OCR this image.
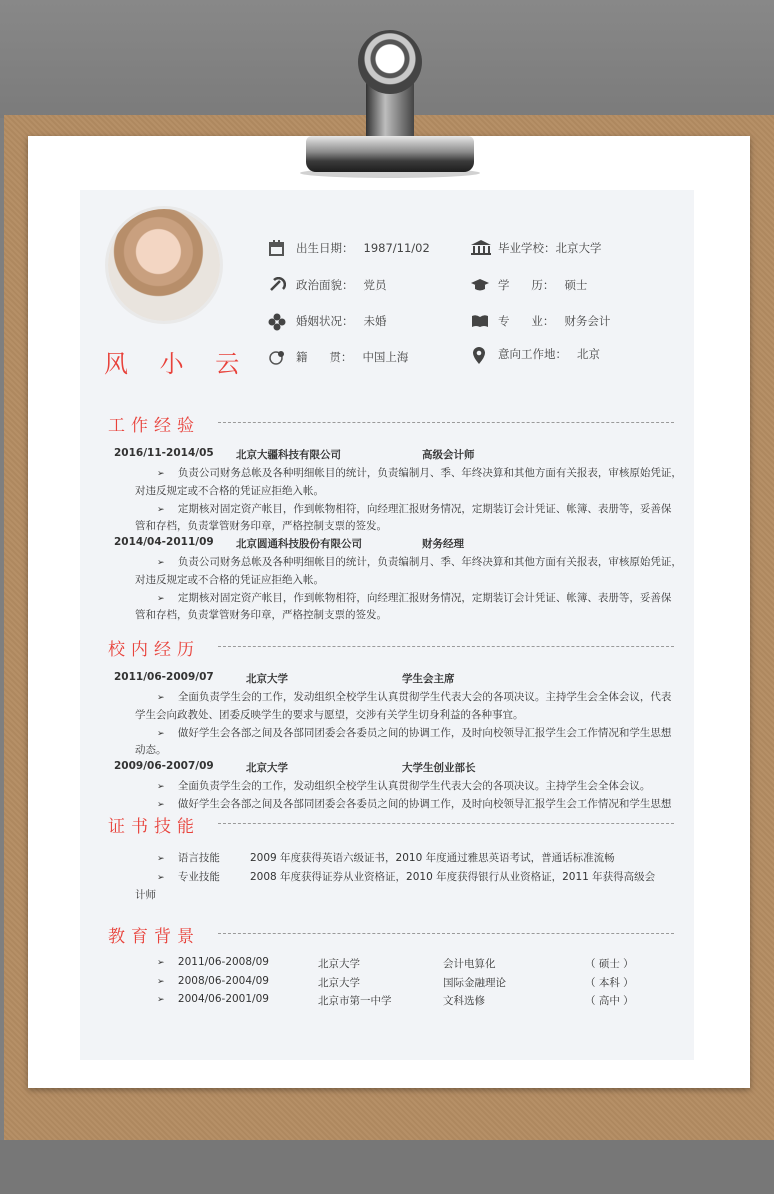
风 小 云
出生日期： 1987/11/02
政治面貌： 党员
婚姻状况： 未婚
籍      贯： 中国上海
毕业学校： 北京大学
学      历： 硕士
专      业： 财务会计
意向工作地： 北京
工作经验
2016/11-2014/05 北京大疆科技有限公司	高级会计师
➢ 负责公司财务总帐及各种明细帐目的统计，负责编制月、季、年终决算和其他方面有关报表，审核原始凭证，
对违反规定或不合格的凭证应拒绝入帐。
➢ 定期核对固定资产帐目，作到帐物相符，向经理汇报财务情况，定期装订会计凭证、帐簿、表册等，妥善保
管和存档，负责掌管财务印章，严格控制支票的签发。
2014/04-2011/09 北京圆通科技股份有限公司	财务经理
➢ 负责公司财务总帐及各种明细帐目的统计，负责编制月、季、年终决算和其他方面有关报表，审核原始凭证，
对违反规定或不合格的凭证应拒绝入帐。
➢ 定期核对固定资产帐目，作到帐物相符，向经理汇报财务情况，定期装订会计凭证、帐簿、表册等，妥善保
管和存档，负责掌管财务印章，严格控制支票的签发。
校内经历
2011/06-2009/07	北京大学	学生会主席
➢ 全面负责学生会的工作，发动组织全校学生认真贯彻学生代表大会的各项决议。主持学生会全体会议，代表
学生会向政教处、团委反映学生的要求与愿望，交涉有关学生切身利益的各种事宜。
➢ 做好学生会各部之间及各部同团委会各委员之间的协调工作，及时向校领导汇报学生会工作情况和学生思想
动态。
2009/06-2007/09	北京大学	大学生创业部长
➢ 全面负责学生会的工作，发动组织全校学生认真贯彻学生代表大会的各项决议。主持学生会全体会议。
➢ 做好学生会各部之间及各部同团委会各委员之间的协调工作，及时向校领导汇报学生会工作情况和学生思想
证书技能
➢ 语言技能	2009 年度获得英语六级证书，2010 年度通过雅思英语考试，普通话标准流畅
➢ 专业技能	2008 年度获得证券从业资格证，2010 年度获得银行从业资格证，2011 年获得高级会
计师
教育背景
➢ 2011/06-2008/09	北京大学	会计电算化	（ 硕士 ）
➢ 2008/06-2004/09	北京大学	国际金融理论	（ 本科 ）
➢ 2004/06-2001/09	北京市第一中学	文科选修	（ 高中 ）
